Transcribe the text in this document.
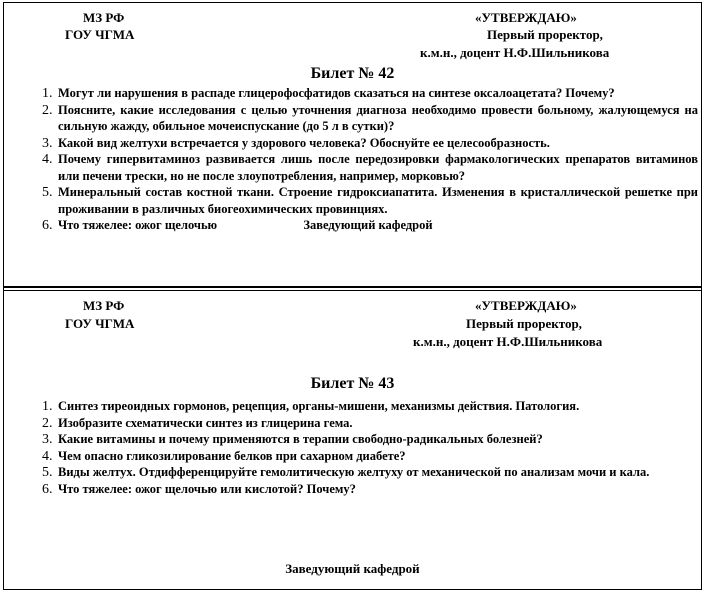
МЗ РФ
ГОУ ЧГМА
«УТВЕРЖДАЮ»
Первый проректор,
к.м.н., доцент Н.Ф.Шильникова
Билет № 42
1. Могут ли нарушения в распаде глицерофосфатидов сказаться на синтезе оксалоацетата? Почему?
2. Поясните, какие исследования с целью уточнения диагноза необходимо провести больному, жалующемуся на сильную жажду, обильное мочеиспускание (до 5 л в сутки)?
3. Какой вид желтухи встречается у здорового человека? Обоснуйте ее целесообразность.
4. Почему гипервитаминоз развивается лишь после передозировки фармакологических препаратов витаминов или печени трески, но не после злоупотребления, например, морковью?
5. Минеральный состав костной ткани. Строение гидроксиапатита. Изменения в кристаллической решетке при проживании в различных биогеохимических провинциях.
6. Что тяжелее: ожог щелочью	Заведующий кафедрой
МЗ РФ
ГОУ ЧГМА
«УТВЕРЖДАЮ»
Первый проректор,
к.м.н., доцент Н.Ф.Шильникова
Билет № 43
1. Синтез тиреоидных гормонов, рецепция, органы-мишени, механизмы действия. Патология.
2. Изобразите схематически синтез из глицерина гема.
3. Какие витамины и почему применяются в терапии свободно-радикальных болезней?
4. Чем опасно гликозилирование белков при сахарном диабете?
5. Виды желтух. Отдифференцируйте гемолитическую желтуху от механической по анализам мочи и кала.
6. Что тяжелее: ожог щелочью или кислотой? Почему?
Заведующий кафедрой
